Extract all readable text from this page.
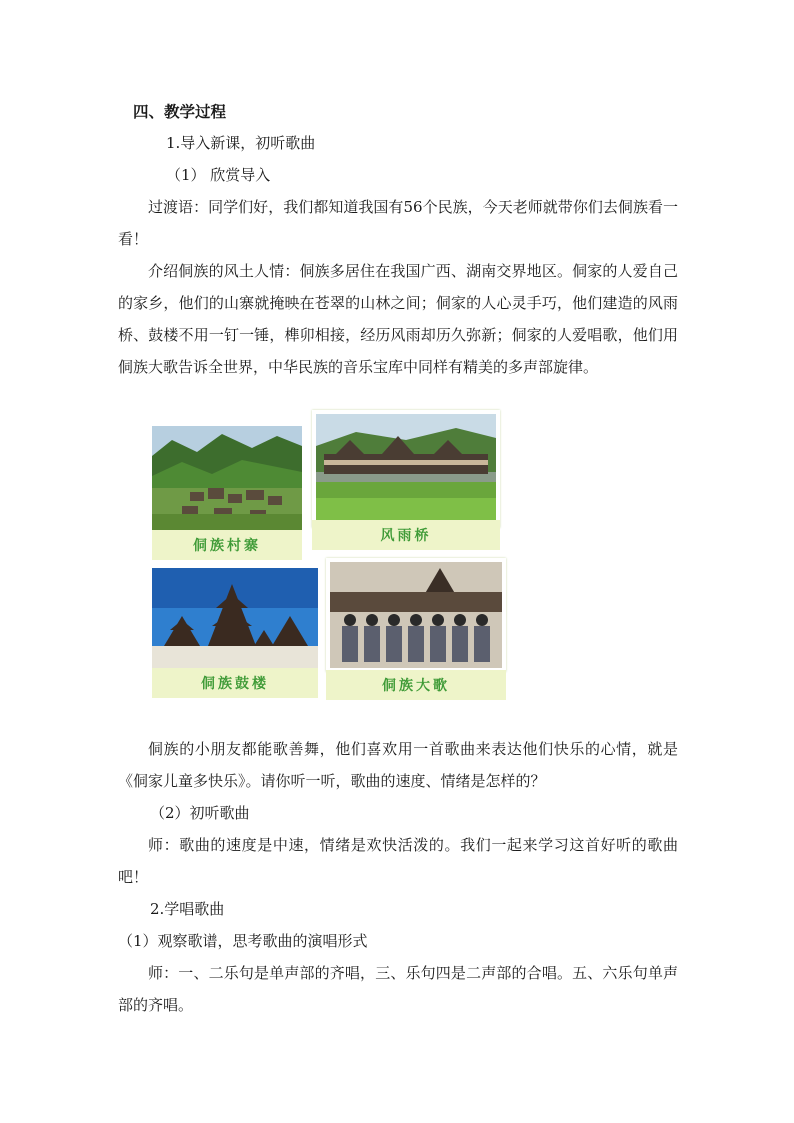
四、教学过程
1.导入新课，初听歌曲
（1） 欣赏导入

过渡语：同学们好，我们都知道我国有56个民族，今天老师就带你们去侗族看一看！

介绍侗族的风土人情：侗族多居住在我国广西、湖南交界地区。侗家的人爱自己的家乡，他们的山寨就掩映在苍翠的山林之间；侗家的人心灵手巧，他们建造的风雨桥、鼓楼不用一钉一锤，榫卯相接，经历风雨却历久弥新；侗家的人爱唱歌，他们用侗族大歌告诉全世界，中华民族的音乐宝库中同样有精美的多声部旋律。

侗族村寨
风雨桥
侗族鼓楼	侗族大歌

侗族的小朋友都能歌善舞，他们喜欢用一首歌曲来表达他们快乐的心情，就是《侗家儿童多快乐》。请你听一听，歌曲的速度、情绪是怎样的？

（2）初听歌曲

师：歌曲的速度是中速，情绪是欢快活泼的。我们一起来学习这首好听的歌曲吧！

2.学唱歌曲
（1）观察歌谱，思考歌曲的演唱形式

师：一、二乐句是单声部的齐唱，三、乐句四是二声部的合唱。五、六乐句单声部的齐唱。
